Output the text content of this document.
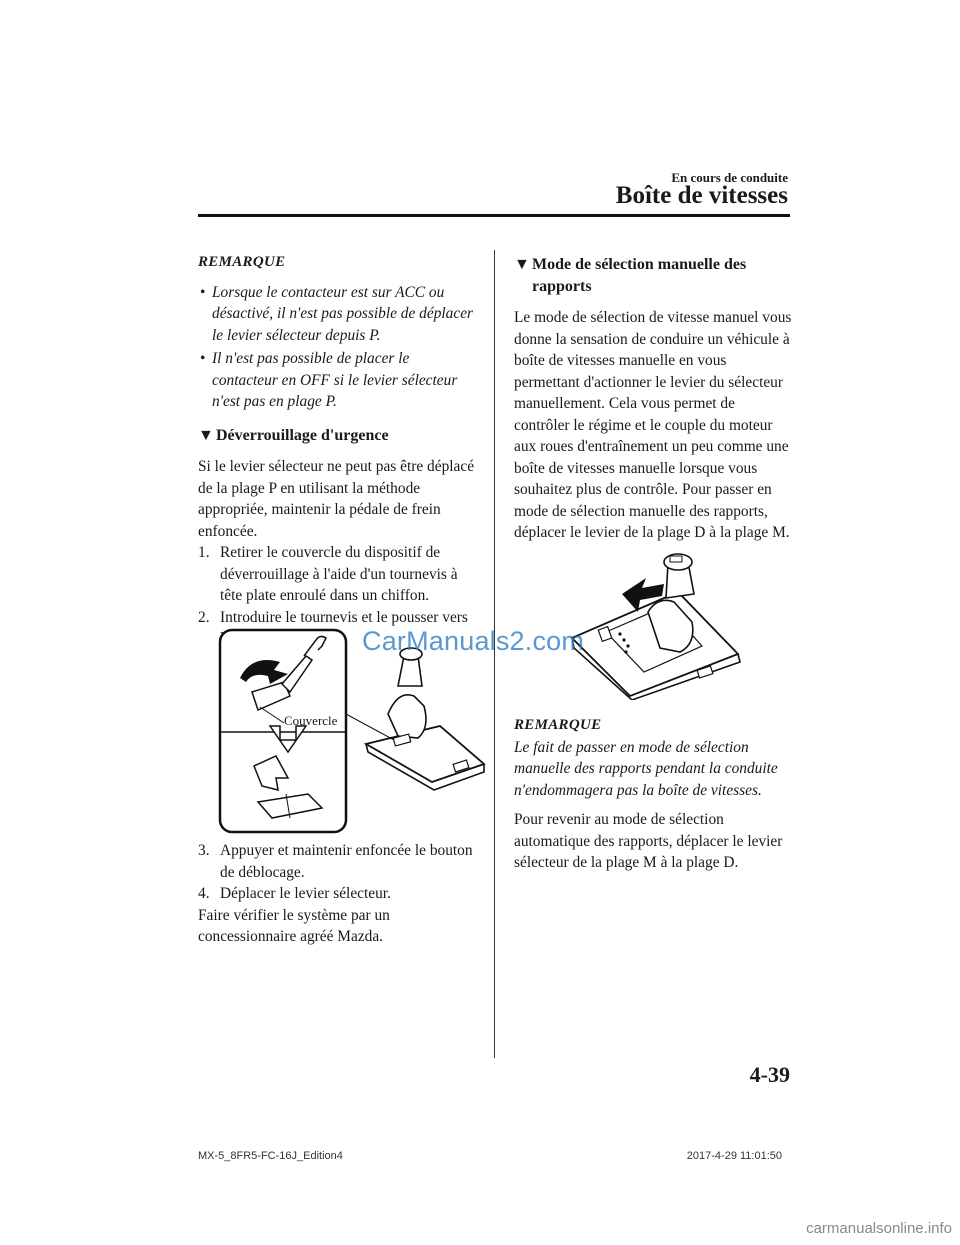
En cours de conduite
Boîte de vitesses

REMARQUE

• Lorsque le contacteur est sur ACC ou désactivé, il n'est pas possible de déplacer le levier sélecteur depuis P.

• Il n'est pas possible de placer le contacteur en OFF si le levier sélecteur n'est pas en plage P.

▼ Déverrouillage d'urgence

Si le levier sélecteur ne peut pas être déplacé de la plage P en utilisant la méthode appropriée, maintenir la pédale de frein enfoncée.

1. Retirer le couvercle du dispositif de déverrouillage à l'aide d'un tournevis à tête plate enroulé dans un chiffon.

2. Introduire le tournevis et le pousser vers

Couvercle

3. Appuyer et maintenir enfoncée le bouton de déblocage.

4. Déplacer le levier sélecteur.

Faire vérifier le système par un concessionnaire agréé Mazda.

▼ Mode de sélection manuelle des rapports

Le mode de sélection de vitesse manuel vous donne la sensation de conduire un véhicule à boîte de vitesses manuelle en vous permettant d'actionner le levier du sélecteur manuellement. Cela vous permet de contrôler le régime et le couple du moteur aux roues d'entraînement un peu comme une boîte de vitesses manuelle lorsque vous souhaitez plus de contrôle. Pour passer en mode de sélection manuelle des rapports, déplacer le levier de la plage D à la plage M.

REMARQUE

Le fait de passer en mode de sélection manuelle des rapports pendant la conduite n'endommagera pas la boîte de vitesses.

Pour revenir au mode de sélection automatique des rapports, déplacer le levier sélecteur de la plage M à la plage D.

CarManuals2.com
4-39
MX-5_8FR5-FC-16J_Edition4	2017-4-29 11:01:50
carmanualsonline.info
